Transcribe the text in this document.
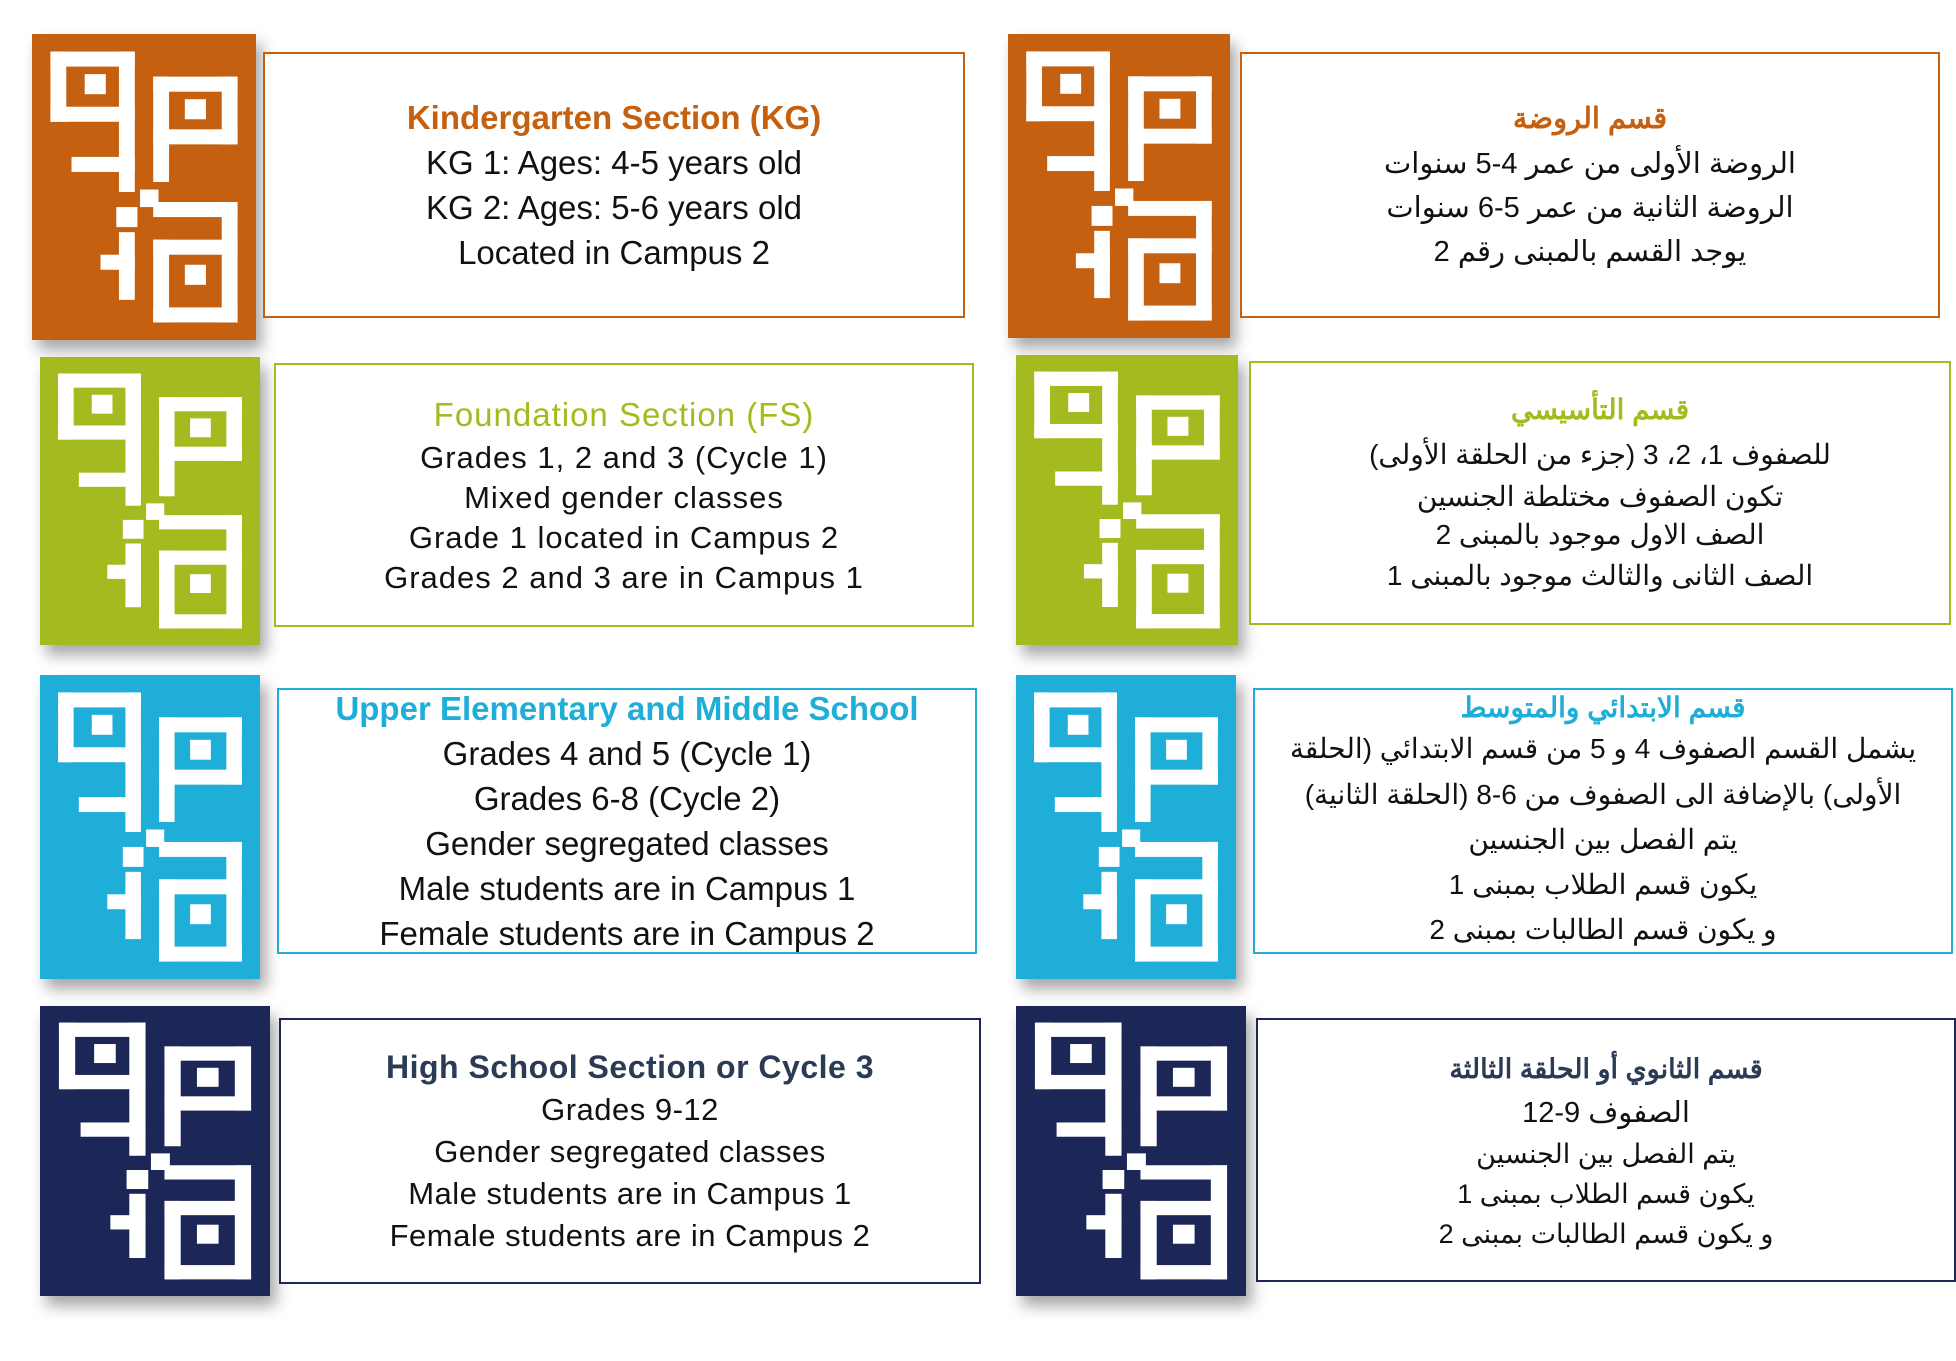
Kindergarten Section (KG)
KG 1: Ages: 4-5 years old
KG 2: Ages: 5-6 years old
Located in Campus 2
Foundation Section (FS)
Grades 1, 2 and 3 (Cycle 1)
Mixed gender classes
Grade 1 located in Campus 2
Grades 2 and 3 are in Campus 1
Upper Elementary and Middle School
Grades 4 and 5 (Cycle 1)
Grades 6-8 (Cycle 2)
Gender segregated classes
Male students are in Campus 1
Female students are in Campus 2
High School Section or Cycle 3
Grades 9-12
Gender segregated classes
Male students are in Campus 1
Female students are in Campus 2
قسم الروضة
الروضة الأولى من عمر 4-5 سنوات
الروضة الثانية من عمر 5-6 سنوات
يوجد القسم بالمبنى رقم 2
قسم التأسيسي
للصفوف 1، 2، 3 (جزء من الحلقة الأولى)
تكون الصفوف مختلطة الجنسين
الصف الاول موجود بالمبنى 2
الصف الثانى والثالث موجود بالمبنى 1
قسم الابتدائي والمتوسط
يشمل القسم الصفوف 4 و 5 من قسم الابتدائي (الحلقة
الأولى) بالإضافة الى الصفوف من 6-8 (الحلقة الثانية)
يتم الفصل بين الجنسين
يكون قسم الطلاب بمبنى 1
و يكون قسم الطالبات بمبنى 2
قسم الثانوي أو الحلقة الثالثة
الصفوف 9-12
يتم الفصل بين الجنسين
يكون قسم الطلاب بمبنى 1
و يكون قسم الطالبات بمبنى 2
